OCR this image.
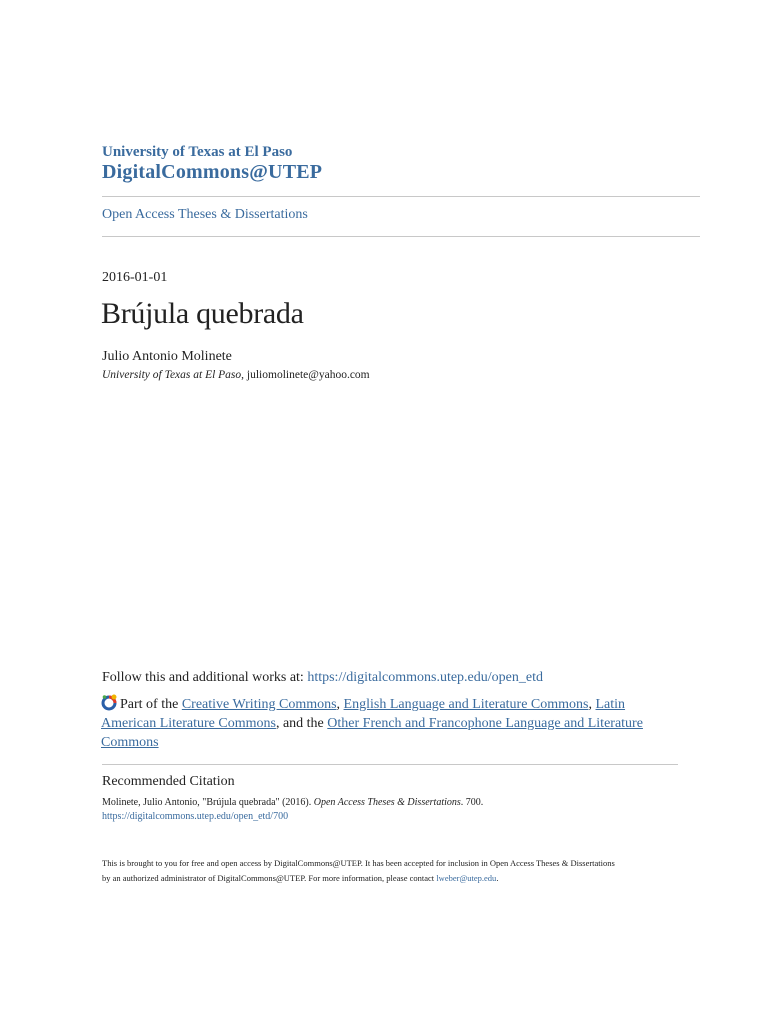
University of Texas at El Paso
DigitalCommons@UTEP
Open Access Theses & Dissertations
2016-01-01
Brújula quebrada
Julio Antonio Molinete
University of Texas at El Paso, juliomolinete@yahoo.com
Follow this and additional works at: https://digitalcommons.utep.edu/open_etd
Part of the Creative Writing Commons, English Language and Literature Commons, Latin American Literature Commons, and the Other French and Francophone Language and Literature Commons
Recommended Citation
Molinete, Julio Antonio, "Brújula quebrada" (2016). Open Access Theses & Dissertations. 700.
https://digitalcommons.utep.edu/open_etd/700
This is brought to you for free and open access by DigitalCommons@UTEP. It has been accepted for inclusion in Open Access Theses & Dissertations
by an authorized administrator of DigitalCommons@UTEP. For more information, please contact lweber@utep.edu.
